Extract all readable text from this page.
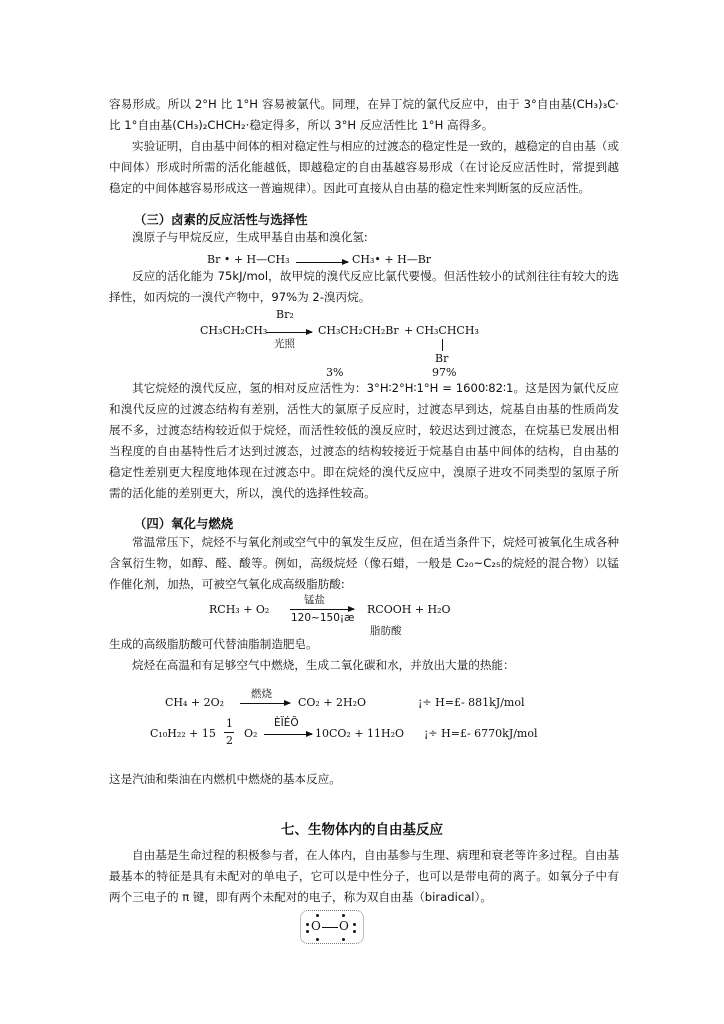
容易形成。所以 2°H 比 1°H 容易被氯代。同理，在异丁烷的氯代反应中，由于 3°自由基(CH₃)₃C·比 1°自由基(CH₃)₂CHCH₂·稳定得多，所以 3°H 反应活性比 1°H 高得多。

实验证明，自由基中间体的相对稳定性与相应的过渡态的稳定性是一致的，越稳定的自由基（或中间体）形成时所需的活化能越低，即越稳定的自由基越容易形成（在讨论反应活性时，常提到越稳定的中间体越容易形成这一普遍规律）。因此可直接从自由基的稳定性来判断氢的反应活性。

（三）卤素的反应活性与选择性

溴原子与甲烷反应，生成甲基自由基和溴化氢:

Br • + H—CH₃ → CH₃• + H—Br

反应的活化能为 75kJ/mol，故甲烷的溴代反应比氯代要慢。但活性较小的试剂往往有较大的选择性，如丙烷的一溴代产物中，97%为 2-溴丙烷。

CH₃CH₂CH₃
Br₂
光照
CH₃CH₂CH₂Br + CH₃CHCH₃
Br
3%	97%

其它烷烃的溴代反应，氢的相对反应活性为：3°H∶2°H∶1°H = 1600∶82∶1。这是因为氯代反应和溴代反应的过渡态结构有差别，活性大的氯原子反应时，过渡态早到达，烷基自由基的性质尚发展不多，过渡态结构较近似于烷烃，而活性较低的溴反应时，较迟达到过渡态，在烷基已发展出相当程度的自由基特性后才达到过渡态，过渡态的结构较接近于烷基自由基中间体的结构，自由基的稳定性差别更大程度地体现在过渡态中。即在烷烃的溴代反应中，溴原子进攻不同类型的氢原子所需的活化能的差别更大，所以，溴代的选择性较高。

（四）氧化与燃烧

常温常压下，烷烃不与氧化剂或空气中的氧发生反应，但在适当条件下，烷烃可被氧化生成各种含氧衍生物，如醇、醛、酸等。例如，高级烷烃（像石蜡，一般是 C₂₀~C₂₅的烷烃的混合物）以锰作催化剂，加热，可被空气氧化成高级脂肪酸:

RCH₃ + O₂
锰盐
120~150¡æ
RCOOH + H₂O
脂肪酸

生成的高级脂肪酸可代替油脂制造肥皂。

烷烃在高温和有足够空气中燃烧，生成二氧化碳和水，并放出大量的热能：

CH₄ + 2O₂
燃烧
→ CO₂ + 2H₂O	¡÷ H=£- 881kJ/mol
C₁₀H₂₂ + 15
1
2
O₂
ÈÏÉÕ
→ 10CO₂ + 11H₂O ¡÷ H=£- 6770kJ/mol

这是汽油和柴油在内燃机中燃烧的基本反应。

七、生物体内的自由基反应

自由基是生命过程的积极参与者，在人体内，自由基参与生理、病理和衰老等许多过程。自由基最基本的特征是具有未配对的单电子，它可以是中性分子，也可以是带电荷的离子。如氧分子中有两个三电子的 π 键，即有两个未配对的电子，称为双自由基（biradical）。

O O
